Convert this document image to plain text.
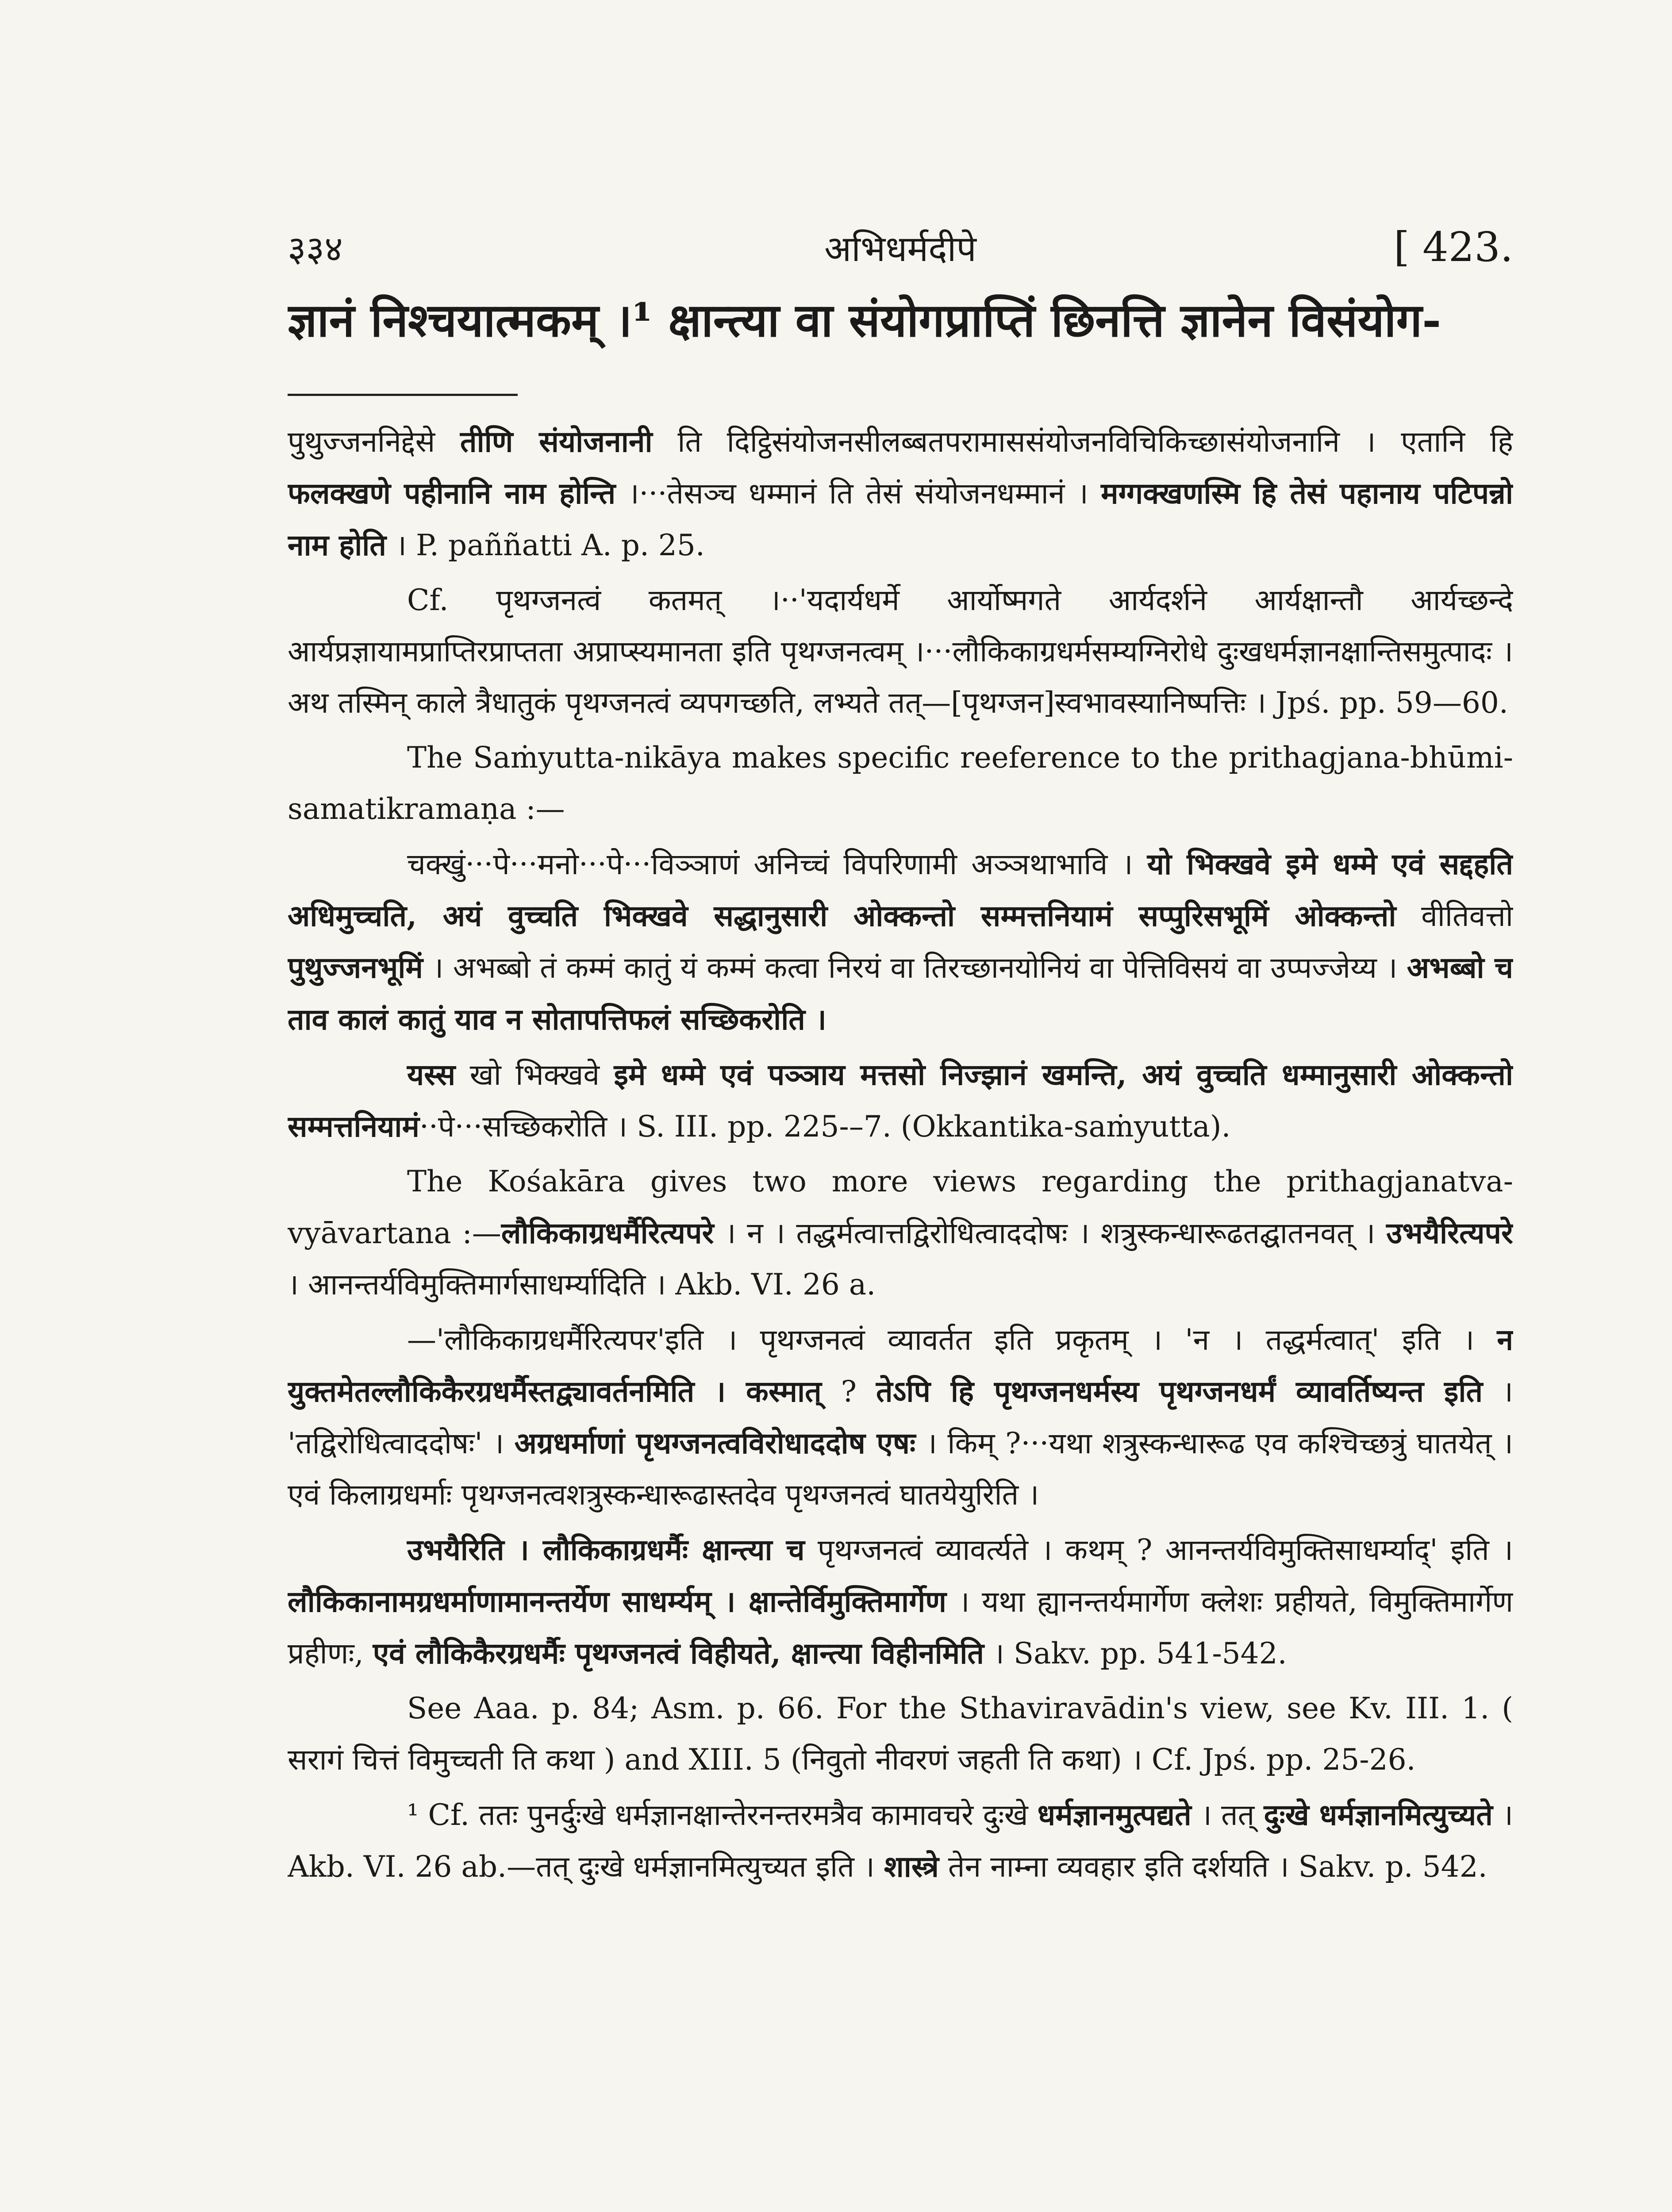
३३४	अभिधर्मदीपे	[ 423.
ज्ञानं निश्चयात्मकम् ।¹ क्षान्त्या वा संयोगप्राप्तिं छिनत्ति ज्ञानेन विसंयोग-

पुथुज्जननिद्देसे तीणि संयोजनानी ति दिट्ठिसंयोजनसीलब्बतपरामाससंयोजनविचिकिच्छासंयोजनानि । एतानि हि फलक्खणे पहीनानि नाम होन्ति ।···तेसञ्च धम्मानं ति तेसं संयोजनधम्मानं । मग्गक्खणस्मि हि तेसं पहानाय पटिपन्नो नाम होति । P. paññatti A. p. 25.

Cf. पृथग्जनत्वं कतमत् ।··'यदार्यधर्मे आर्योष्मगते आर्यदर्शने आर्यक्षान्तौ आर्यच्छन्दे आर्यप्रज्ञायामप्राप्तिरप्राप्तता अप्राप्स्यमानता इति पृथग्जनत्वम् ।···लौकिकाग्रधर्मसम्यग्निरोधे दुःखधर्मज्ञानक्षान्तिसमुत्पादः । अथ तस्मिन् काले त्रैधातुकं पृथग्जनत्वं व्यपगच्छति, लभ्यते तत्—[पृथग्जन]स्वभावस्यानिष्पत्तिः । Jpś. pp. 59—60.

The Saṁyutta-nikāya makes specific reeference to the prithagjana-bhūmi-samatikramaṇa :—

चक्खुं···पे···मनो···पे···विञ्ञाणं अनिच्चं विपरिणामी अञ्ञथाभावि । यो भिक्खवे इमे धम्मे एवं सद्दहति अधिमुच्चति, अयं वुच्चति भिक्खवे सद्धानुसारी ओक्कन्तो सम्मत्तनियामं सप्पुरिसभूमिं ओक्कन्तो वीतिवत्तो पुथुज्जनभूमिं । अभब्बो तं कम्मं कातुं यं कम्मं कत्वा निरयं वा तिरच्छानयोनियं वा पेत्तिविसयं वा उप्पज्जेय्य । अभब्बो च ताव कालं कातुं याव न सोतापत्तिफलं सच्छिकरोति ।

यस्स खो भिक्खवे इमे धम्मे एवं पञ्ञाय मत्तसो निज्झानं खमन्ति, अयं वुच्चति धम्मानुसारी ओक्कन्तो सम्मत्तनियामं··पे···सच्छिकरोति । S. III. pp. 225-–7. (Okkantika-saṁyutta).

The Kośakāra gives two more views regarding the prithagjanatva-vyāvartana :—लौकिकाग्रधर्मैरित्यपरे । न । तद्धर्मत्वात्तद्विरोधित्वाददोषः । शत्रुस्कन्धारूढतद्घातनवत् । उभयैरित्यपरे । आनन्तर्यविमुक्तिमार्गसाधर्म्यादिति । Akb. VI. 26 a.

—'लौकिकाग्रधर्मैरित्यपर'इति । पृथग्जनत्वं व्यावर्तत इति प्रकृतम् । 'न । तद्धर्मत्वात्' इति । न युक्तमेतल्लौकिकैरग्रधर्मैस्तद्व्यावर्तनमिति । कस्मात् ? तेऽपि हि पृथग्जनधर्मस्य पृथग्जनधर्मं व्यावर्तिष्यन्त इति । 'तद्विरोधित्वाददोषः' । अग्रधर्माणां पृथग्जनत्वविरोधाददोष एषः । किम् ?···यथा शत्रुस्कन्धारूढ एव कश्चिच्छत्रुं घातयेत् । एवं किलाग्रधर्माः पृथग्जनत्वशत्रुस्कन्धारूढास्तदेव पृथग्जनत्वं घातयेयुरिति ।

उभयैरिति । लौकिकाग्रधर्मैः क्षान्त्या च पृथग्जनत्वं व्यावर्त्यते । कथम् ? आनन्तर्यविमुक्तिसाधर्म्याद्' इति । लौकिकानामग्रधर्माणामानन्तर्येण साधर्म्यम् । क्षान्तेर्विमुक्तिमार्गेण । यथा ह्यानन्तर्यमार्गेण क्लेशः प्रहीयते, विमुक्तिमार्गेण प्रहीणः, एवं लौकिकैरग्रधर्मैः पृथग्जनत्वं विहीयते, क्षान्त्या विहीनमिति । Sakv. pp. 541-542.

See Aaa. p. 84; Asm. p. 66. For the Sthaviravādin's view, see Kv. III. 1. ( सरागं चित्तं विमुच्चती ति कथा ) and XIII. 5 (निवुतो नीवरणं जहती ति कथा) । Cf. Jpś. pp. 25-26.

¹ Cf. ततः पुनर्दुःखे धर्मज्ञानक्षान्तेरनन्तरमत्रैव कामावचरे दुःखे धर्मज्ञानमुत्पद्यते । तत् दुःखे धर्मज्ञानमित्युच्यते । Akb. VI. 26 ab.—तत् दुःखे धर्मज्ञानमित्युच्यत इति । शास्त्रे तेन नाम्ना व्यवहार इति दर्शयति । Sakv. p. 542.
